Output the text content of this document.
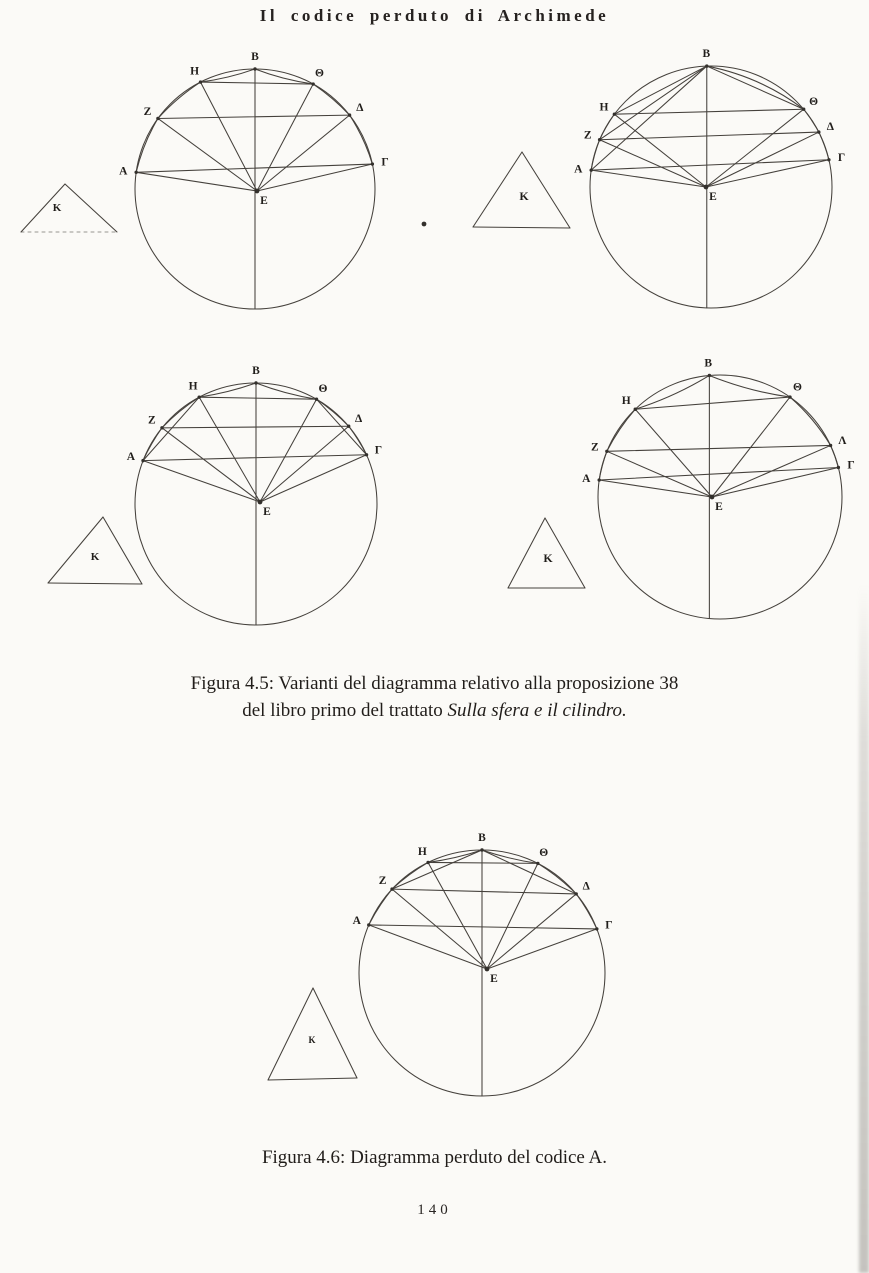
Il codice perduto di Archimede
A
Z
H
B
Θ
Δ
Γ
E
K
A
Z
H
B
Θ
Δ
Γ
E
K
A
Z
H
B
Θ
Δ
Γ
E
K
A
Z
H
B
Θ
Λ
Γ
E
K
A
Z
H
B
Θ
Δ
Γ
E
K
Figura 4.5: Varianti del diagramma relativo alla proposizione 38
del libro primo del trattato Sulla sfera e il cilindro.
Figura 4.6: Diagramma perduto del codice A.
140
